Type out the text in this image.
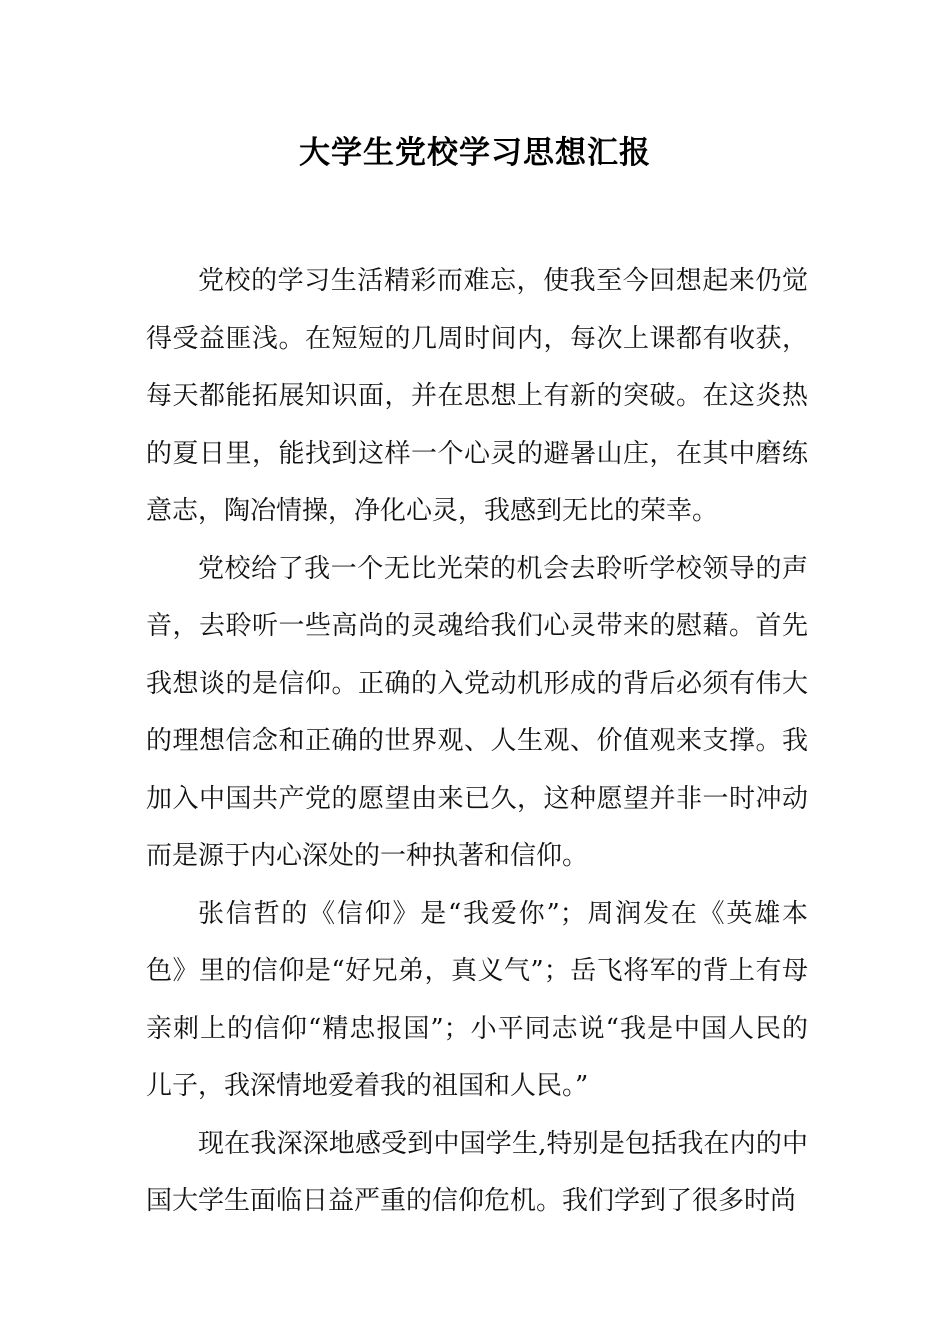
大学生党校学习思想汇报

党校的学习生活精彩而难忘，使我至今回想起来仍觉得受益匪浅。在短短的几周时间内，每次上课都有收获，每天都能拓展知识面，并在思想上有新的突破。在这炎热的夏日里，能找到这样一个心灵的避暑山庄，在其中磨练意志，陶冶情操，净化心灵，我感到无比的荣幸。

党校给了我一个无比光荣的机会去聆听学校领导的声音，去聆听一些高尚的灵魂给我们心灵带来的慰藉。首先我想谈的是信仰。正确的入党动机形成的背后必须有伟大的理想信念和正确的世界观、人生观、价值观来支撑。我加入中国共产党的愿望由来已久，这种愿望并非一时冲动而是源于内心深处的一种执著和信仰。

张信哲的《信仰》是“我爱你”；周润发在《英雄本色》里的信仰是“好兄弟，真义气”；岳飞将军的背上有母亲刺上的信仰“精忠报国”；小平同志说“我是中国人民的儿子，我深情地爱着我的祖国和人民。”

现在我深深地感受到中国学生,特别是包括我在内的中国大学生面临日益严重的信仰危机。我们学到了很多时尚
